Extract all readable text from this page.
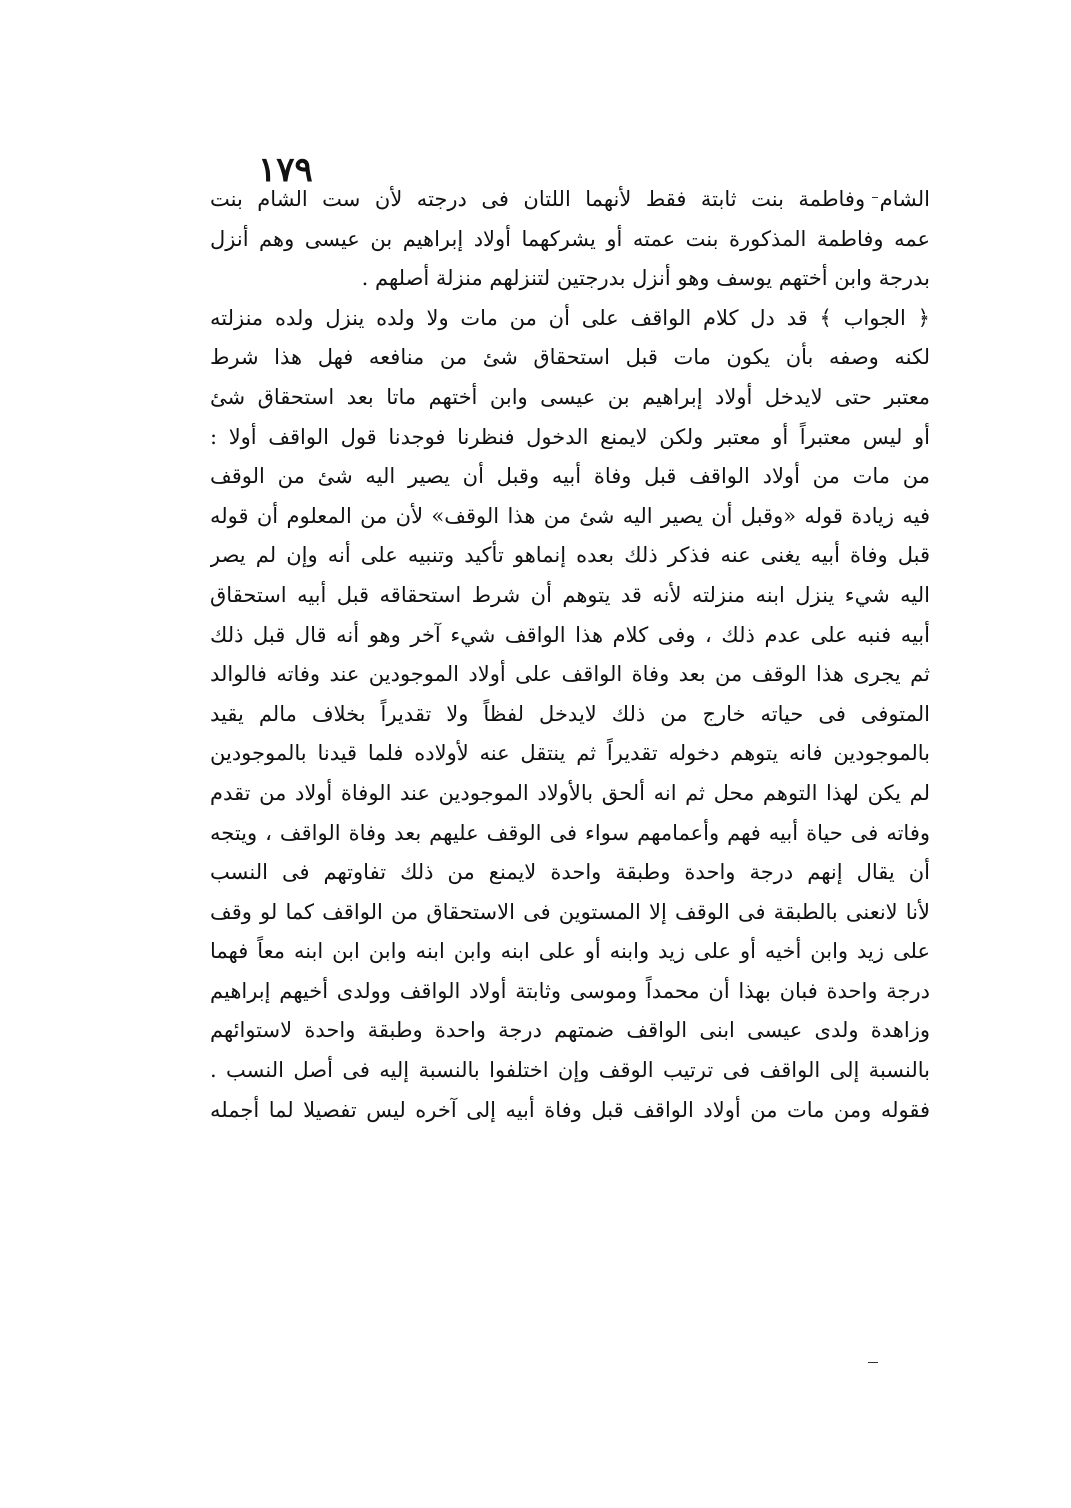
١٧٩
الشام وفاطمة بنت ثابتة فقط لأنهما اللتان فى درجته لأن ست الشام بنت
عمه وفاطمة المذكورة بنت عمته أو يشركهما أولاد إبراهيم بن عيسى وهم أنزل
بدرجة وابن أختهم يوسف وهو أنزل بدرجتين لتنزلهم منزلة أصلهم .
﴿ الجواب ﴾ قد دل كلام الواقف على أن من مات ولا ولده ينزل ولده منزلته
لكنه وصفه بأن يكون مات قبل استحقاق شئ من منافعه فهل هذا شرط
معتبر حتى لايدخل أولاد إبراهيم بن عيسى وابن أختهم ماتا بعد استحقاق شئ
أو ليس معتبراً أو معتبر ولكن لايمنع الدخول فنظرنا فوجدنا قول الواقف أولا :
من مات من أولاد الواقف قبل وفاة أبيه وقبل أن يصير اليه شئ من الوقف
فيه زيادة قوله «وقبل أن يصير اليه شئ من هذا الوقف» لأن من المعلوم أن قوله
قبل وفاة أبيه يغنى عنه فذكر ذلك بعده إنماهو تأكيد وتنبيه على أنه وإن لم يصر
اليه شيء ينزل ابنه منزلته لأنه قد يتوهم أن شرط استحقاقه قبل أبيه استحقاق
أبيه فنبه على عدم ذلك ، وفى كلام هذا الواقف شيء آخر وهو أنه قال قبل ذلك
ثم يجرى هذا الوقف من بعد وفاة الواقف على أولاد الموجودين عند وفاته فالوالد
المتوفى فى حياته خارج من ذلك لايدخل لفظاً ولا تقديراً بخلاف مالم يقيد
بالموجودين فانه يتوهم دخوله تقديراً ثم ينتقل عنه لأولاده فلما قيدنا بالموجودين
لم يكن لهذا التوهم محل ثم انه ألحق بالأولاد الموجودين عند الوفاة أولاد من تقدم
وفاته فى حياة أبيه فهم وأعمامهم سواء فى الوقف عليهم بعد وفاة الواقف ، ويتجه
أن يقال إنهم درجة واحدة وطبقة واحدة لايمنع من ذلك تفاوتهم فى النسب
لأنا لانعنى بالطبقة فى الوقف إلا المستوين فى الاستحقاق من الواقف كما لو وقف
على زيد وابن أخيه أو على زيد وابنه أو على ابنه وابن ابنه وابن ابن ابنه معاً فهما
درجة واحدة فبان بهذا أن محمداً وموسى وثابتة أولاد الواقف وولدى أخيهم إبراهيم
وزاهدة ولدى عيسى ابنى الواقف ضمتهم درجة واحدة وطبقة واحدة لاستوائهم
بالنسبة إلى الواقف فى ترتيب الوقف وإن اختلفوا بالنسبة إليه فى أصل النسب .
فقوله ومن مات من أولاد الواقف قبل وفاة أبيه إلى آخره ليس تفصيلا لما أجمله
